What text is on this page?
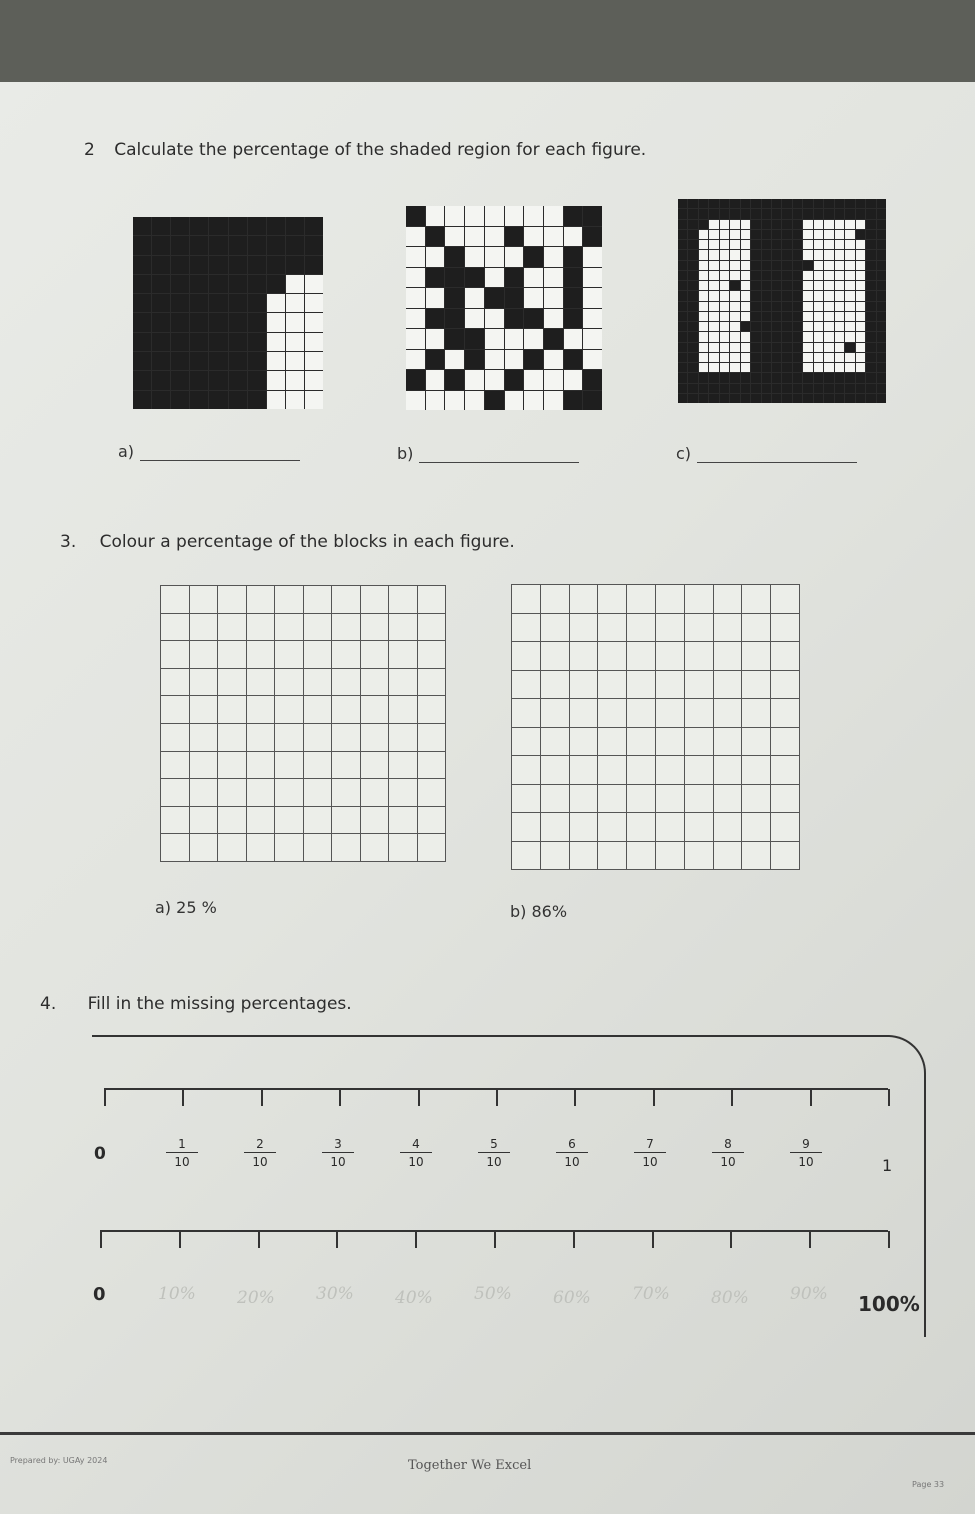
2 Calculate the percentage of the shaded region for each figure.
a)	b)	c)
3. Colour a percentage of the blocks in each figure.
a) 25 %	b) 86%
4. Fill in the missing percentages.
0	$\frac{1}{10}$	$\frac{2}{10}$	$\frac{3}{10}$	$\frac{4}{10}$	$\frac{5}{10}$	$\frac{6}{10}$	$\frac{7}{10}$	$\frac{8}{10}$	$\frac{9}{10}$	1
0	10% 20% 30% 40% 50% 60% 70% 80% 90% 100%
Prepared by: UGAy 2024	Together We Excel
Page 33
